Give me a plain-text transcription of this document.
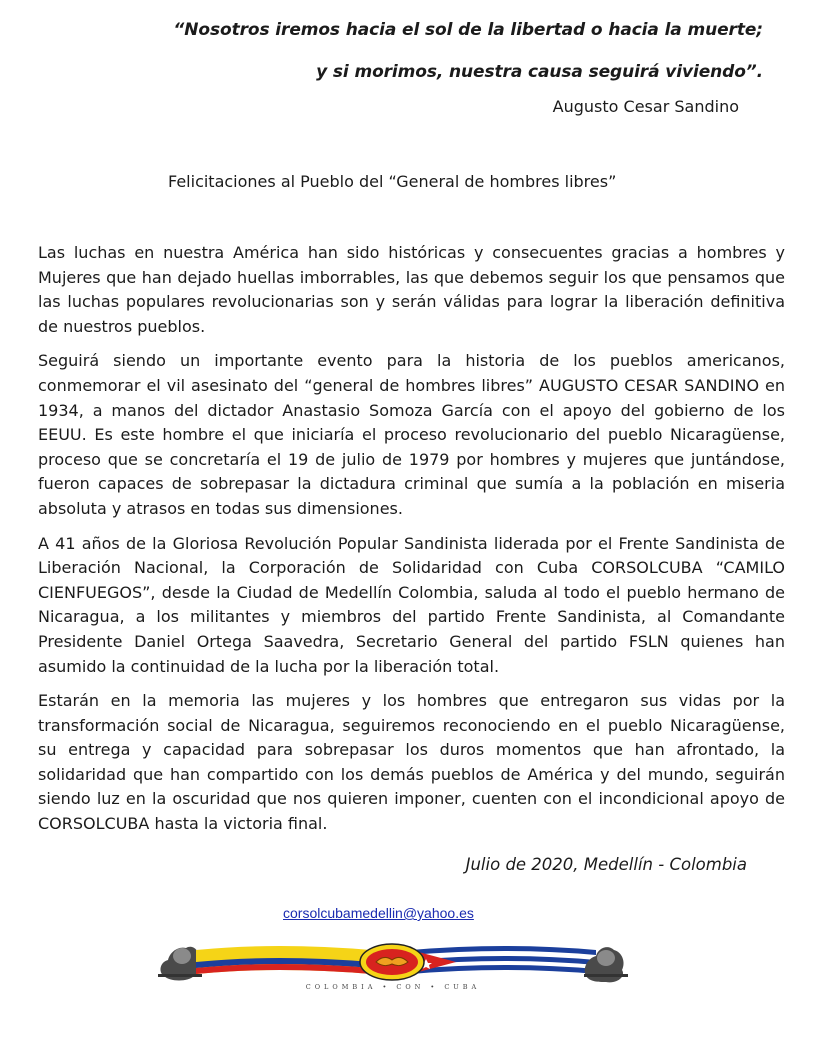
“Nosotros iremos hacia el sol de la libertad o hacia la muerte;

y si morimos, nuestra causa seguirá viviendo”.

Augusto Cesar Sandino

Felicitaciones al Pueblo del “General de hombres libres”

Las luchas en nuestra América han sido históricas y consecuentes gracias a hombres y Mujeres que han dejado huellas imborrables, las que debemos seguir los que pensamos que las luchas populares revolucionarias son y serán válidas para lograr la liberación definitiva de nuestros pueblos.

Seguirá siendo un importante evento para la historia de los pueblos americanos, conmemorar el vil asesinato del “general de hombres libres” AUGUSTO CESAR SANDINO en 1934, a manos del dictador Anastasio Somoza García con el apoyo del gobierno de los EEUU. Es este hombre el que iniciaría el proceso revolucionario del pueblo Nicaragüense, proceso que se concretaría el 19 de julio de 1979 por hombres y mujeres que juntándose, fueron capaces de sobrepasar la dictadura criminal que sumía a la población en miseria absoluta y atrasos en todas sus dimensiones.

A 41 años de la Gloriosa Revolución Popular Sandinista liderada por el Frente Sandinista de Liberación Nacional, la Corporación de Solidaridad con Cuba CORSOLCUBA “CAMILO CIENFUEGOS”, desde la Ciudad de Medellín Colombia, saluda al todo el pueblo hermano de Nicaragua, a los militantes y miembros del partido Frente Sandinista, al Comandante Presidente Daniel Ortega Saavedra, Secretario General del partido FSLN quienes han asumido la continuidad de la lucha por la liberación total.

Estarán en la memoria las mujeres y los hombres que entregaron sus vidas por la transformación social de Nicaragua, seguiremos reconociendo en el pueblo Nicaragüense, su entrega y capacidad para sobrepasar los duros momentos que han afrontado, la solidaridad que han compartido con los demás pueblos de América y del mundo, seguirán siendo luz en la oscuridad que nos quieren imponer, cuenten con el incondicional apoyo de CORSOLCUBA hasta la victoria final.

Julio de 2020, Medellín - Colombia

corsolcubamedellin@yahoo.es
COLOMBIA • CON • CUBA
